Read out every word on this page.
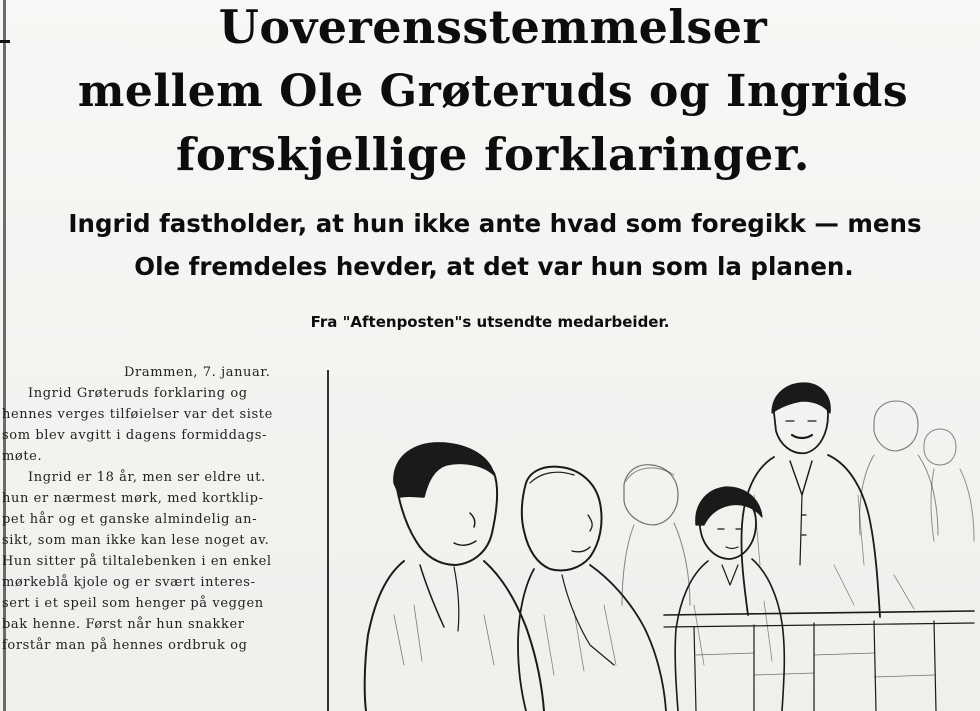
Uoverensstemmelser
mellem Ole Grøteruds og Ingrids
forskjellige forklaringer.
Ingrid fastholder, at hun ikke ante hvad som foregikk — mens
Ole fremdeles hevder, at det var hun som la planen.
Fra "Aftenposten"s utsendte medarbeider.
Drammen, 7. januar.
Ingrid Grøteruds forklaring og
hennes verges tilføielser var det siste
som blev avgitt i dagens formiddags-
møte.
Ingrid er 18 år, men ser eldre ut.
hun er nærmest mørk, med kortklip-
pet hår og et ganske almindelig an-
sikt, som man ikke kan lese noget av.
Hun sitter på tiltalebenken i en enkel
mørkeblå kjole og er svært interes-
sert i et speil som henger på veggen
bak henne. Først når hun snakker
forstår man på hennes ordbruk og
